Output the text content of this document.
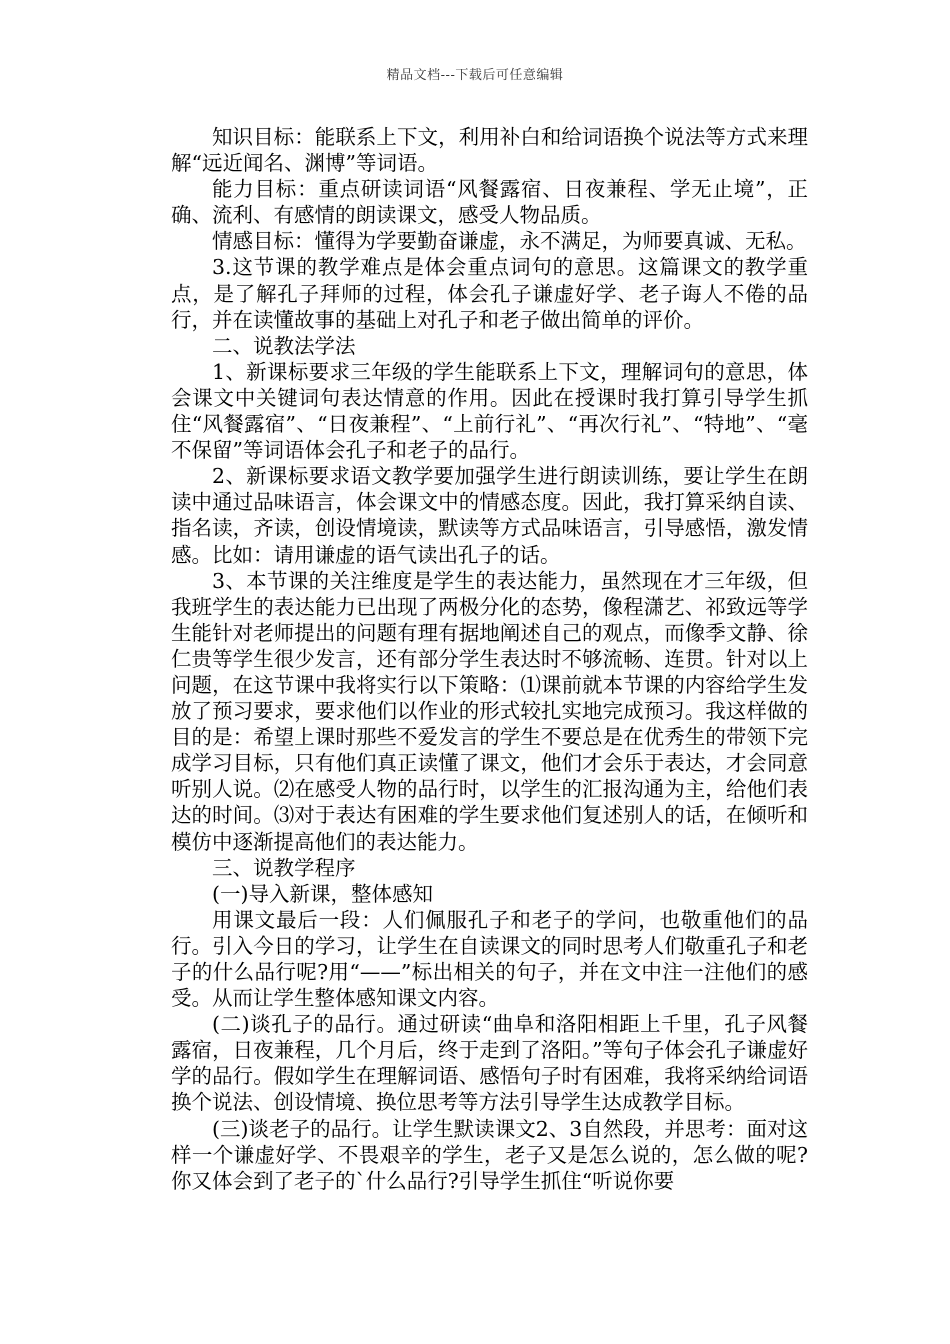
精品文档---下载后可任意编辑

知识目标：能联系上下文，利用补白和给词语换个说法等方式来理解“远近闻名、渊博”等词语。

能力目标：重点研读词语“风餐露宿、日夜兼程、学无止境”，正确、流利、有感情的朗读课文，感受人物品质。

情感目标：懂得为学要勤奋谦虚，永不满足，为师要真诚、无私。

3.这节课的教学难点是体会重点词句的意思。这篇课文的教学重点，是了解孔子拜师的过程，体会孔子谦虚好学、老子诲人不倦的品行，并在读懂故事的基础上对孔子和老子做出简单的评价。

二、说教法学法

1、新课标要求三年级的学生能联系上下文，理解词句的意思，体会课文中关键词句表达情意的作用。因此在授课时我打算引导学生抓住“风餐露宿”、“日夜兼程”、“上前行礼”、“再次行礼”、“特地”、“毫不保留”等词语体会孔子和老子的品行。

2、新课标要求语文教学要加强学生进行朗读训练，要让学生在朗读中通过品味语言，体会课文中的情感态度。因此，我打算采纳自读、指名读，齐读，创设情境读，默读等方式品味语言，引导感悟，激发情感。比如：请用谦虚的语气读出孔子的话。

3、本节课的关注维度是学生的表达能力，虽然现在才三年级，但我班学生的表达能力已出现了两极分化的态势，像程潇艺、祁致远等学生能针对老师提出的问题有理有据地阐述自己的观点，而像季文静、徐仁贵等学生很少发言，还有部分学生表达时不够流畅、连贯。针对以上问题，在这节课中我将实行以下策略：⑴课前就本节课的内容给学生发放了预习要求，要求他们以作业的形式较扎实地完成预习。我这样做的目的是：希望上课时那些不爱发言的学生不要总是在优秀生的带领下完成学习目标，只有他们真正读懂了课文，他们才会乐于表达，才会同意听别人说。⑵在感受人物的品行时，以学生的汇报沟通为主，给他们表达的时间。⑶对于表达有困难的学生要求他们复述别人的话，在倾听和模仿中逐渐提高他们的表达能力。

三、说教学程序

(一)导入新课，整体感知

用课文最后一段：人们佩服孔子和老子的学问，也敬重他们的品行。引入今日的学习，让学生在自读课文的同时思考人们敬重孔子和老子的什么品行呢?用“——”标出相关的句子，并在文中注一注他们的感受。从而让学生整体感知课文内容。

(二)谈孔子的品行。通过研读“曲阜和洛阳相距上千里，孔子风餐露宿，日夜兼程，几个月后，终于走到了洛阳。”等句子体会孔子谦虚好学的品行。假如学生在理解词语、感悟句子时有困难，我将采纳给词语换个说法、创设情境、换位思考等方法引导学生达成教学目标。

(三)谈老子的品行。让学生默读课文2、3自然段，并思考：面对这样一个谦虚好学、不畏艰辛的学生，老子又是怎么说的，怎么做的呢?你又体会到了老子的`什么品行?引导学生抓住“听说你要
